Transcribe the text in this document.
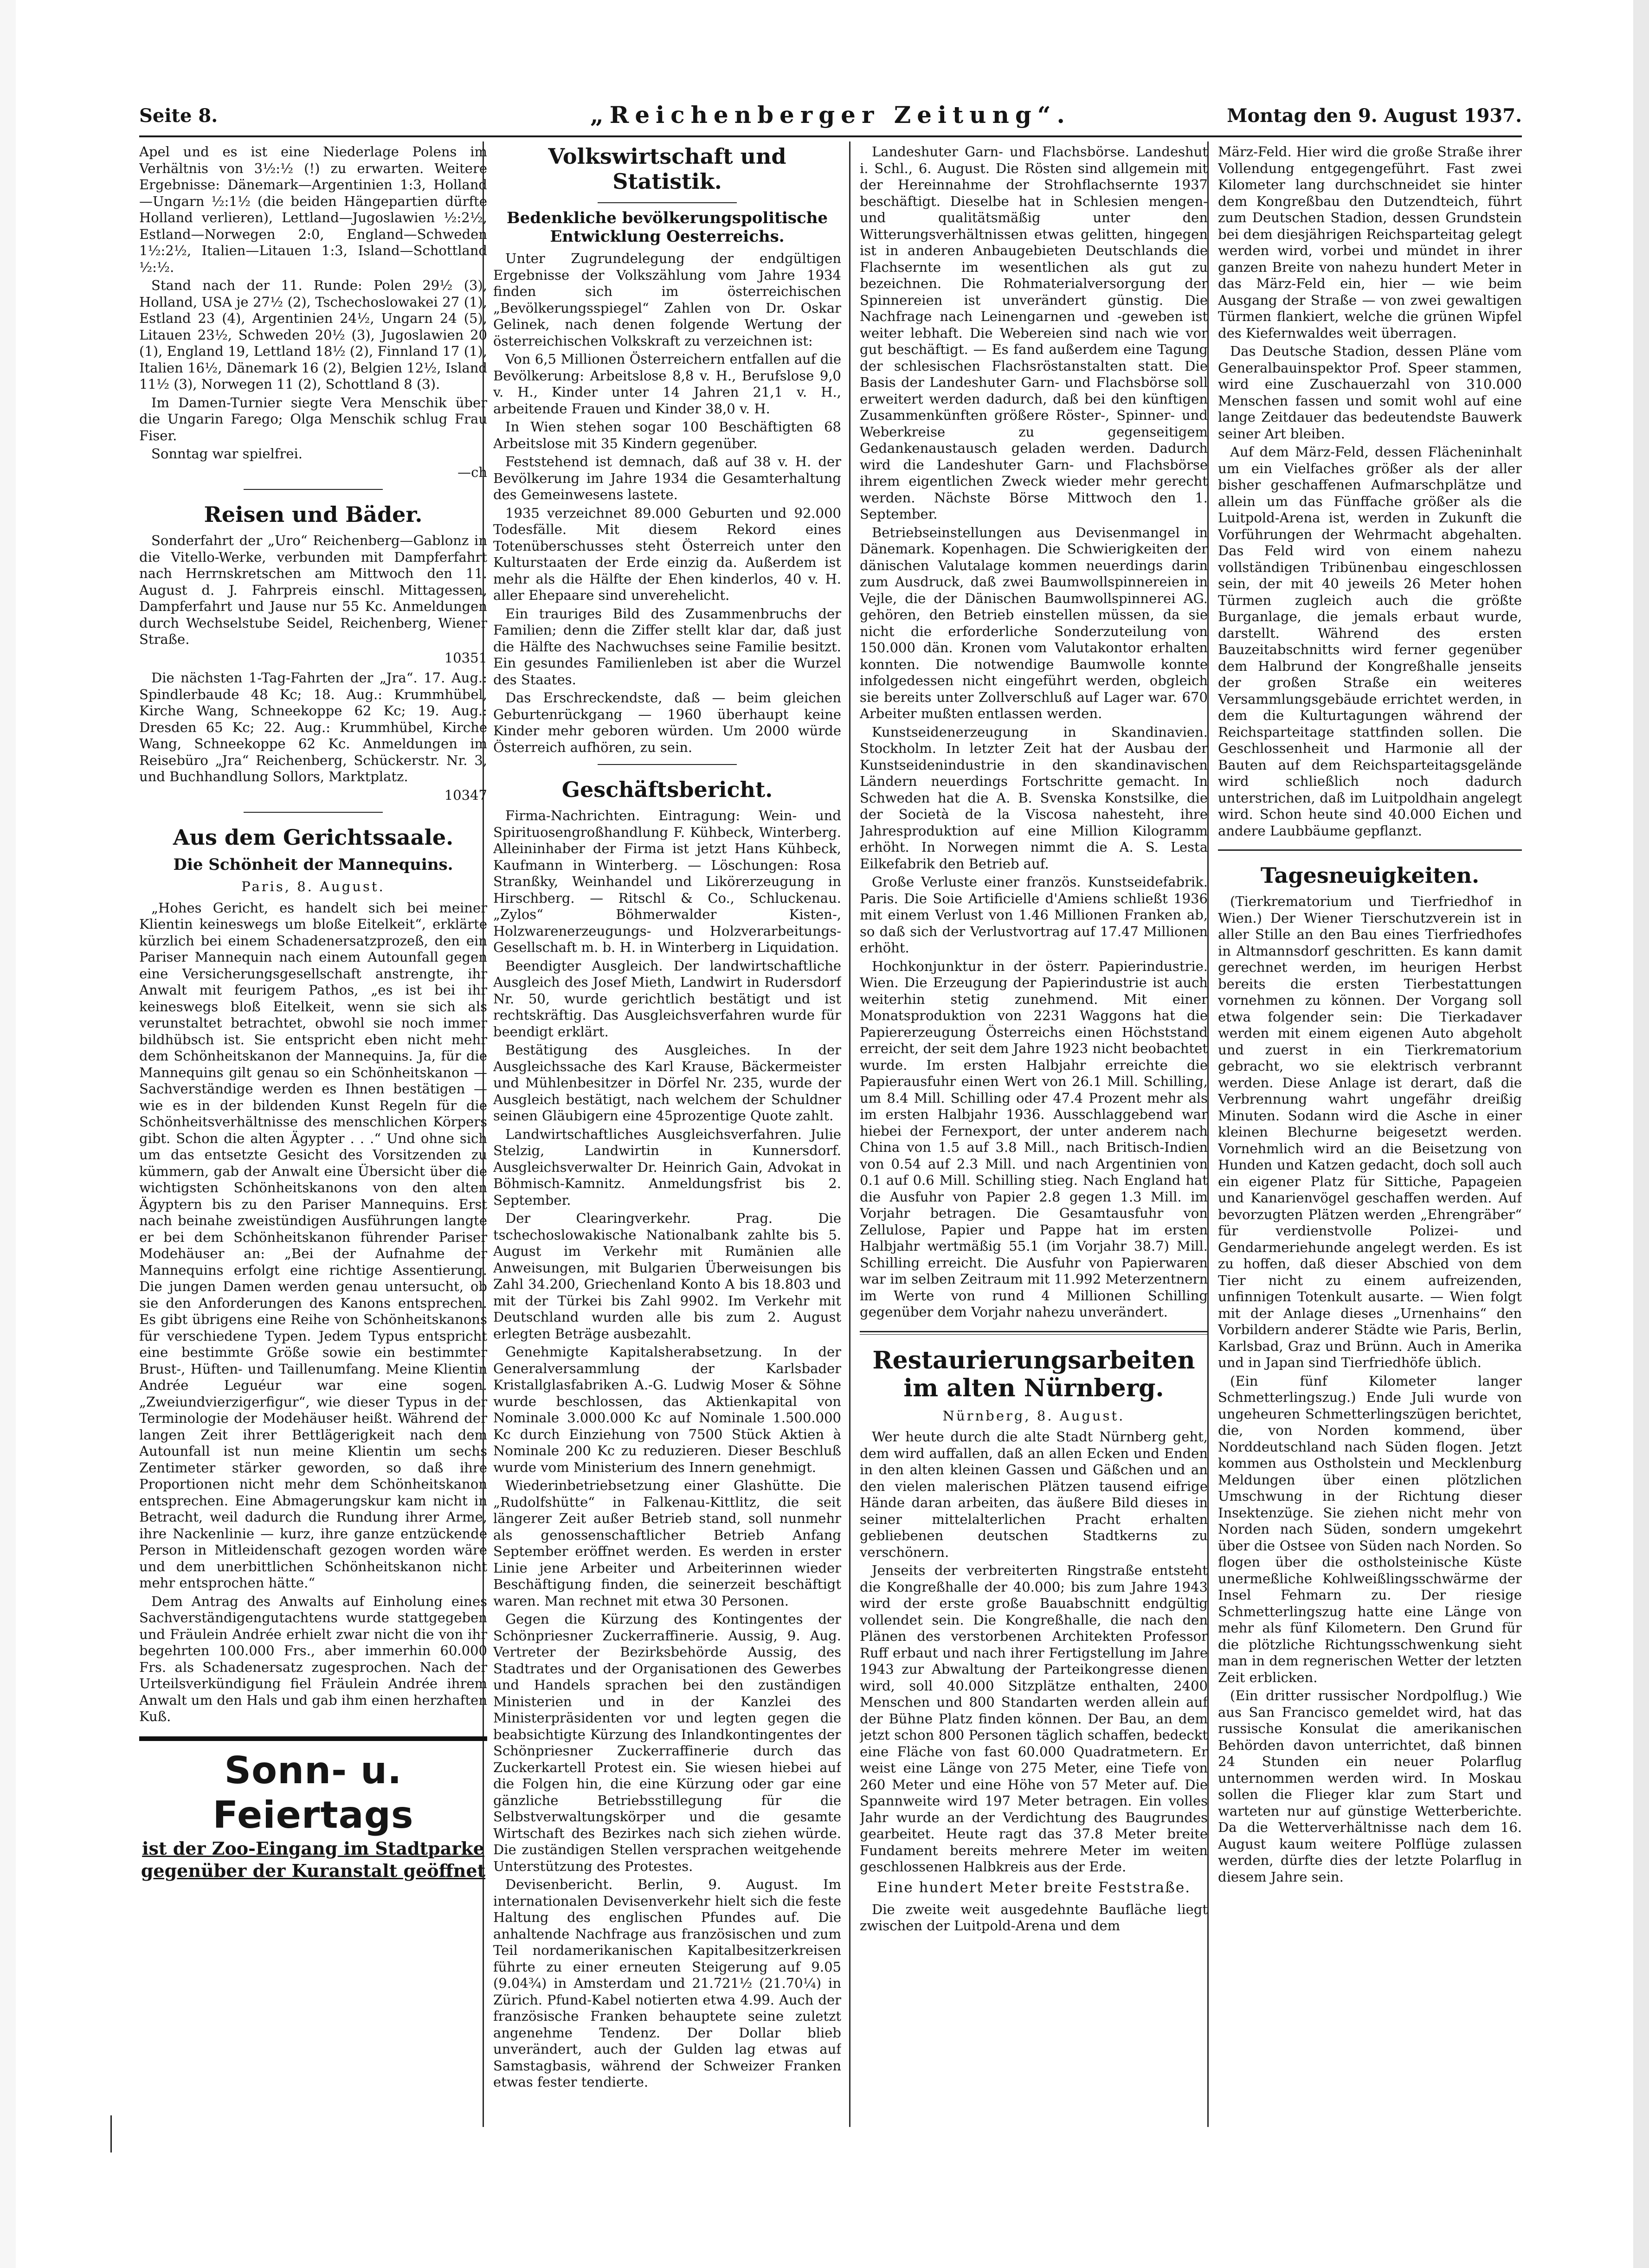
Seite 8.	„Reichenberger Zeitung“.	Montag den 9. August 1937.

Apel und es ist eine Niederlage Polens im Verhältnis von 3½:½ (!) zu erwarten. Weitere Ergebnisse: Dänemark—Argentinien 1:3, Holland—Ungarn ½:1½ (die beiden Hängepartien dürfte Holland verlieren), Lettland—Jugoslawien ½:2½, Estland—Norwegen 2:0, England—Schweden 1½:2½, Italien—Litauen 1:3, Island—Schottland ½:½.

Stand nach der 11. Runde: Polen 29½ (3), Holland, USA je 27½ (2), Tschechoslowakei 27 (1), Estland 23 (4), Argentinien 24½, Ungarn 24 (5), Litauen 23½, Schweden 20½ (3), Jugoslawien 20 (1), England 19, Lettland 18½ (2), Finnland 17 (1), Italien 16½, Dänemark 16 (2), Belgien 12½, Island 11½ (3), Norwegen 11 (2), Schottland 8 (3).

Im Damen-Turnier siegte Vera Menschik über die Ungarin Farego; Olga Menschik schlug Frau Fiser.

Sonntag war spielfrei.

—ch
Reisen und Bäder.

Sonderfahrt der „Uro“ Reichenberg—Gablonz in die Vitello-Werke, verbunden mit Dampferfahrt nach Herrnskretschen am Mittwoch den 11. August d. J. Fahrpreis einschl. Mittagessen, Dampferfahrt und Jause nur 55 Kc. Anmeldungen durch Wechselstube Seidel, Reichenberg, Wiener Straße.

10351

Die nächsten 1-Tag-Fahrten der „Jra“. 17. Aug.: Spindlerbaude 48 Kc; 18. Aug.: Krummhübel, Kirche Wang, Schneekoppe 62 Kc; 19. Aug.: Dresden 65 Kc; 22. Aug.: Krummhübel, Kirche Wang, Schneekoppe 62 Kc. Anmeldungen im Reisebüro „Jra“ Reichenberg, Schückerstr. Nr. 3, und Buchhandlung Sollors, Marktplatz.

10347
Aus dem Gerichtssaale.
Die Schönheit der Mannequins.
Paris, 8. August.

„Hohes Gericht, es handelt sich bei meiner Klientin keineswegs um bloße Eitelkeit“, erklärte kürzlich bei einem Schadenersatzprozeß, den ein Pariser Mannequin nach einem Autounfall gegen eine Versicherungsgesellschaft anstrengte, ihr Anwalt mit feurigem Pathos, „es ist bei ihr keineswegs bloß Eitelkeit, wenn sie sich als verunstaltet betrachtet, obwohl sie noch immer bildhübsch ist. Sie entspricht eben nicht mehr dem Schönheitskanon der Mannequins. Ja, für die Mannequins gilt genau so ein Schönheitskanon — Sachverständige werden es Ihnen bestätigen — wie es in der bildenden Kunst Regeln für die Schönheitsverhältnisse des menschlichen Körpers gibt. Schon die alten Ägypter . . .“ Und ohne sich um das entsetzte Gesicht des Vorsitzenden zu kümmern, gab der Anwalt eine Übersicht über die wichtigsten Schönheitskanons von den alten Ägyptern bis zu den Pariser Mannequins. Erst nach beinahe zweistündigen Ausführungen langte er bei dem Schönheitskanon führender Pariser Modehäuser an: „Bei der Aufnahme der Mannequins erfolgt eine richtige Assentierung. Die jungen Damen werden genau untersucht, ob sie den Anforderungen des Kanons entsprechen. Es gibt übrigens eine Reihe von Schönheitskanons für verschiedene Typen. Jedem Typus entspricht eine bestimmte Größe sowie ein bestimmter Brust-, Hüften- und Taillenumfang. Meine Klientin Andrée Leguéur war eine sogen. „Zweiundvierzigerfigur“, wie dieser Typus in der Terminologie der Modehäuser heißt. Während der langen Zeit ihrer Bettlägerigkeit nach dem Autounfall ist nun meine Klientin um sechs Zentimeter stärker geworden, so daß ihre Proportionen nicht mehr dem Schönheitskanon entsprechen. Eine Abmagerungskur kam nicht in Betracht, weil dadurch die Rundung ihrer Arme, ihre Nackenlinie — kurz, ihre ganze entzückende Person in Mitleidenschaft gezogen worden wäre und dem unerbittlichen Schönheitskanon nicht mehr entsprochen hätte.“

Dem Antrag des Anwalts auf Einholung eines Sachverständigengutachtens wurde stattgegeben und Fräulein Andrée erhielt zwar nicht die von ihr begehrten 100.000 Frs., aber immerhin 60.000 Frs. als Schadenersatz zugesprochen. Nach der Urteilsverkündigung fiel Fräulein Andrée ihrem Anwalt um den Hals und gab ihm einen herzhaften Kuß.

Sonn- u. Feiertags
ist der Zoo-Eingang im Stadtparke
gegenüber der Kuranstalt geöffnet
Volkswirtschaft und Statistik.
Bedenkliche bevölkerungspolitische Entwicklung Oesterreichs.

Unter Zugrundelegung der endgültigen Ergebnisse der Volkszählung vom Jahre 1934 finden sich im österreichischen „Bevölkerungsspiegel“ Zahlen von Dr. Oskar Gelinek, nach denen folgende Wertung der österreichischen Volkskraft zu verzeichnen ist:

Von 6,5 Millionen Österreichern entfallen auf die Bevölkerung: Arbeitslose 8,8 v. H., Berufslose 9,0 v. H., Kinder unter 14 Jahren 21,1 v. H., arbeitende Frauen und Kinder 38,0 v. H.

In Wien stehen sogar 100 Beschäftigten 68 Arbeitslose mit 35 Kindern gegenüber.

Feststehend ist demnach, daß auf 38 v. H. der Bevölkerung im Jahre 1934 die Gesamterhaltung des Gemeinwesens lastete.

1935 verzeichnet 89.000 Geburten und 92.000 Todesfälle. Mit diesem Rekord eines Totenüberschusses steht Österreich unter den Kulturstaaten der Erde einzig da. Außerdem ist mehr als die Hälfte der Ehen kinderlos, 40 v. H. aller Ehepaare sind unverehelicht.

Ein trauriges Bild des Zusammenbruchs der Familien; denn die Ziffer stellt klar dar, daß just die Hälfte des Nachwuchses seine Familie besitzt. Ein gesundes Familienleben ist aber die Wurzel des Staates.

Das Erschreckendste, daß — beim gleichen Geburtenrückgang — 1960 überhaupt keine Kinder mehr geboren würden. Um 2000 würde Österreich aufhören, zu sein.

Geschäftsbericht.

Firma-Nachrichten. Eintragung: Wein- und Spirituosengroßhandlung F. Kühbeck, Winterberg. Alleininhaber der Firma ist jetzt Hans Kühbeck, Kaufmann in Winterberg. — Löschungen: Rosa Stranßky, Weinhandel und Likörerzeugung in Hirschberg. — Ritschl & Co., Schluckenau. „Zylos“ Böhmerwalder Kisten-, Holzwarenerzeugungs- und Holzverarbeitungs-Gesellschaft m. b. H. in Winterberg in Liquidation.

Beendigter Ausgleich. Der landwirtschaftliche Ausgleich des Josef Mieth, Landwirt in Rudersdorf Nr. 50, wurde gerichtlich bestätigt und ist rechtskräftig. Das Ausgleichsverfahren wurde für beendigt erklärt.

Bestätigung des Ausgleiches. In der Ausgleichssache des Karl Krause, Bäckermeister und Mühlenbesitzer in Dörfel Nr. 235, wurde der Ausgleich bestätigt, nach welchem der Schuldner seinen Gläubigern eine 45prozentige Quote zahlt.

Landwirtschaftliches Ausgleichsverfahren. Julie Stelzig, Landwirtin in Kunnersdorf. Ausgleichsverwalter Dr. Heinrich Gain, Advokat in Böhmisch-Kamnitz. Anmeldungsfrist bis 2. September.

Der Clearingverkehr. Prag. Die tschechoslowakische Nationalbank zahlte bis 5. August im Verkehr mit Rumänien alle Anweisungen, mit Bulgarien Überweisungen bis Zahl 34.200, Griechenland Konto A bis 18.803 und mit der Türkei bis Zahl 9902. Im Verkehr mit Deutschland wurden alle bis zum 2. August erlegten Beträge ausbezahlt.

Genehmigte Kapitalsherabsetzung. In der Generalversammlung der Karlsbader Kristallglasfabriken A.-G. Ludwig Moser & Söhne wurde beschlossen, das Aktienkapital von Nominale 3.000.000 Kc auf Nominale 1.500.000 Kc durch Einziehung von 7500 Stück Aktien à Nominale 200 Kc zu reduzieren. Dieser Beschluß wurde vom Ministerium des Innern genehmigt.

Wiederinbetriebsetzung einer Glashütte. Die „Rudolfshütte“ in Falkenau-Kittlitz, die seit längerer Zeit außer Betrieb stand, soll nunmehr als genossenschaftlicher Betrieb Anfang September eröffnet werden. Es werden in erster Linie jene Arbeiter und Arbeiterinnen wieder Beschäftigung finden, die seinerzeit beschäftigt waren. Man rechnet mit etwa 30 Personen.

Gegen die Kürzung des Kontingentes der Schönpriesner Zuckerraffinerie. Aussig, 9. Aug. Vertreter der Bezirksbehörde Aussig, des Stadtrates und der Organisationen des Gewerbes und Handels sprachen bei den zuständigen Ministerien und in der Kanzlei des Ministerpräsidenten vor und legten gegen die beabsichtigte Kürzung des Inlandkontingentes der Schönpriesner Zuckerraffinerie durch das Zuckerkartell Protest ein. Sie wiesen hiebei auf die Folgen hin, die eine Kürzung oder gar eine gänzliche Betriebsstillegung für die Selbstverwaltungskörper und die gesamte Wirtschaft des Bezirkes nach sich ziehen würde. Die zuständigen Stellen versprachen weitgehende Unterstützung des Protestes.

Devisenbericht. Berlin, 9. August. Im internationalen Devisenverkehr hielt sich die feste Haltung des englischen Pfundes auf. Die anhaltende Nachfrage aus französischen und zum Teil nordamerikanischen Kapitalbesitzerkreisen führte zu einer erneuten Steigerung auf 9.05 (9.04¾) in Amsterdam und 21.721½ (21.70¼) in Zürich. Pfund-Kabel notierten etwa 4.99. Auch der französische Franken behauptete seine zuletzt angenehme Tendenz. Der Dollar blieb unverändert, auch der Gulden lag etwas auf Samstagbasis, während der Schweizer Franken etwas fester tendierte.

Landeshuter Garn- und Flachsbörse. Landeshut i. Schl., 6. August. Die Rösten sind allgemein mit der Hereinnahme der Strohflachsernte 1937 beschäftigt. Dieselbe hat in Schlesien mengen- und qualitätsmäßig unter den Witterungsverhältnissen etwas gelitten, hingegen ist in anderen Anbaugebieten Deutschlands die Flachsernte im wesentlichen als gut zu bezeichnen. Die Rohmaterialversorgung der Spinnereien ist unverändert günstig. Die Nachfrage nach Leinengarnen und -geweben ist weiter lebhaft. Die Webereien sind nach wie vor gut beschäftigt. — Es fand außerdem eine Tagung der schlesischen Flachsröstanstalten statt. Die Basis der Landeshuter Garn- und Flachsbörse soll erweitert werden dadurch, daß bei den künftigen Zusammenkünften größere Röster-, Spinner- und Weberkreise zu gegenseitigem Gedankenaustausch geladen werden. Dadurch wird die Landeshuter Garn- und Flachsbörse ihrem eigentlichen Zweck wieder mehr gerecht werden. Nächste Börse Mittwoch den 1. September.

Betriebseinstellungen aus Devisenmangel in Dänemark. Kopenhagen. Die Schwierigkeiten der dänischen Valutalage kommen neuerdings darin zum Ausdruck, daß zwei Baumwollspinnereien in Vejle, die der Dänischen Baumwollspinnerei AG. gehören, den Betrieb einstellen müssen, da sie nicht die erforderliche Sonderzuteilung von 150.000 dän. Kronen vom Valutakontor erhalten konnten. Die notwendige Baumwolle konnte infolgedessen nicht eingeführt werden, obgleich sie bereits unter Zollverschluß auf Lager war. 670 Arbeiter mußten entlassen werden.

Kunstseidenerzeugung in Skandinavien. Stockholm. In letzter Zeit hat der Ausbau der Kunstseidenindustrie in den skandinavischen Ländern neuerdings Fortschritte gemacht. In Schweden hat die A. B. Svenska Konstsilke, die der Società de la Viscosa nahesteht, ihre Jahresproduktion auf eine Million Kilogramm erhöht. In Norwegen nimmt die A. S. Lesta Eilkefabrik den Betrieb auf.

Große Verluste einer französ. Kunstseidefabrik. Paris. Die Soie Artificielle d'Amiens schließt 1936 mit einem Verlust von 1.46 Millionen Franken ab, so daß sich der Verlustvortrag auf 17.47 Millionen erhöht.

Hochkonjunktur in der österr. Papierindustrie. Wien. Die Erzeugung der Papierindustrie ist auch weiterhin stetig zunehmend. Mit einer Monatsproduktion von 2231 Waggons hat die Papiererzeugung Österreichs einen Höchststand erreicht, der seit dem Jahre 1923 nicht beobachtet wurde. Im ersten Halbjahr erreichte die Papierausfuhr einen Wert von 26.1 Mill. Schilling, um 8.4 Mill. Schilling oder 47.4 Prozent mehr als im ersten Halbjahr 1936. Ausschlaggebend war hiebei der Fernexport, der unter anderem nach China von 1.5 auf 3.8 Mill., nach Britisch-Indien von 0.54 auf 2.3 Mill. und nach Argentinien von 0.1 auf 0.6 Mill. Schilling stieg. Nach England hat die Ausfuhr von Papier 2.8 gegen 1.3 Mill. im Vorjahr betragen. Die Gesamtausfuhr von Zellulose, Papier und Pappe hat im ersten Halbjahr wertmäßig 55.1 (im Vorjahr 38.7) Mill. Schilling erreicht. Die Ausfuhr von Papierwaren war im selben Zeitraum mit 11.992 Meterzentnern im Werte von rund 4 Millionen Schilling gegenüber dem Vorjahr nahezu unverändert.

Restaurierungsarbeiten im alten Nürnberg.
Nürnberg, 8. August.

Wer heute durch die alte Stadt Nürnberg geht, dem wird auffallen, daß an allen Ecken und Enden in den alten kleinen Gassen und Gäßchen und an den vielen malerischen Plätzen tausend eifrige Hände daran arbeiten, das äußere Bild dieses in seiner mittelalterlichen Pracht erhalten gebliebenen deutschen Stadtkerns zu verschönern.

Jenseits der verbreiterten Ringstraße entsteht die Kongreßhalle der 40.000; bis zum Jahre 1943 wird der erste große Bauabschnitt endgültig vollendet sein. Die Kongreßhalle, die nach den Plänen des verstorbenen Architekten Professor Ruff erbaut und nach ihrer Fertigstellung im Jahre 1943 zur Abwaltung der Parteikongresse dienen wird, soll 40.000 Sitzplätze enthalten, 2400 Menschen und 800 Standarten werden allein auf der Bühne Platz finden können. Der Bau, an dem jetzt schon 800 Personen täglich schaffen, bedeckt eine Fläche von fast 60.000 Quadratmetern. Er weist eine Länge von 275 Meter, eine Tiefe von 260 Meter und eine Höhe von 57 Meter auf. Die Spannweite wird 197 Meter betragen. Ein volles Jahr wurde an der Verdichtung des Baugrundes gearbeitet. Heute ragt das 37.8 Meter breite Fundament bereits mehrere Meter im weiten geschlossenen Halbkreis aus der Erde.

Eine hundert Meter breite Feststraße.

Die zweite weit ausgedehnte Baufläche liegt zwischen der Luitpold-Arena und dem

März-Feld. Hier wird die große Straße ihrer Vollendung entgegengeführt. Fast zwei Kilometer lang durchschneidet sie hinter dem Kongreßbau den Dutzendteich, führt zum Deutschen Stadion, dessen Grundstein bei dem diesjährigen Reichsparteitag gelegt werden wird, vorbei und mündet in ihrer ganzen Breite von nahezu hundert Meter in das März-Feld ein, hier — wie beim Ausgang der Straße — von zwei gewaltigen Türmen flankiert, welche die grünen Wipfel des Kiefernwaldes weit überragen.

Das Deutsche Stadion, dessen Pläne vom Generalbauinspektor Prof. Speer stammen, wird eine Zuschauerzahl von 310.000 Menschen fassen und somit wohl auf eine lange Zeitdauer das bedeutendste Bauwerk seiner Art bleiben.

Auf dem März-Feld, dessen Flächeninhalt um ein Vielfaches größer als der aller bisher geschaffenen Aufmarschplätze und allein um das Fünffache größer als die Luitpold-Arena ist, werden in Zukunft die Vorführungen der Wehrmacht abgehalten. Das Feld wird von einem nahezu vollständigen Tribünenbau eingeschlossen sein, der mit 40 jeweils 26 Meter hohen Türmen zugleich auch die größte Burganlage, die jemals erbaut wurde, darstellt. Während des ersten Bauzeitabschnitts wird ferner gegenüber dem Halbrund der Kongreßhalle jenseits der großen Straße ein weiteres Versammlungsgebäude errichtet werden, in dem die Kulturtagungen während der Reichsparteitage stattfinden sollen. Die Geschlossenheit und Harmonie all der Bauten auf dem Reichsparteitagsgelände wird schließlich noch dadurch unterstrichen, daß im Luitpoldhain angelegt wird. Schon heute sind 40.000 Eichen und andere Laubbäume gepflanzt.

Tagesneuigkeiten.

(Tierkrematorium und Tierfriedhof in Wien.) Der Wiener Tierschutzverein ist in aller Stille an den Bau eines Tierfriedhofes in Altmannsdorf geschritten. Es kann damit gerechnet werden, im heurigen Herbst bereits die ersten Tierbestattungen vornehmen zu können. Der Vorgang soll etwa folgender sein: Die Tierkadaver werden mit einem eigenen Auto abgeholt und zuerst in ein Tierkrematorium gebracht, wo sie elektrisch verbrannt werden. Diese Anlage ist derart, daß die Verbrennung wahrt ungefähr dreißig Minuten. Sodann wird die Asche in einer kleinen Blechurne beigesetzt werden. Vornehmlich wird an die Beisetzung von Hunden und Katzen gedacht, doch soll auch ein eigener Platz für Sittiche, Papageien und Kanarienvögel geschaffen werden. Auf bevorzugten Plätzen werden „Ehrengräber“ für verdienstvolle Polizei- und Gendarmeriehunde angelegt werden. Es ist zu hoffen, daß dieser Abschied von dem Tier nicht zu einem aufreizenden, unfinnigen Totenkult ausarte. — Wien folgt mit der Anlage dieses „Urnenhains“ den Vorbildern anderer Städte wie Paris, Berlin, Karlsbad, Graz und Brünn. Auch in Amerika und in Japan sind Tierfriedhöfe üblich.

(Ein fünf Kilometer langer Schmetterlingszug.) Ende Juli wurde von ungeheuren Schmetterlingszügen berichtet, die, von Norden kommend, über Norddeutschland nach Süden flogen. Jetzt kommen aus Ostholstein und Mecklenburg Meldungen über einen plötzlichen Umschwung in der Richtung dieser Insektenzüge. Sie ziehen nicht mehr von Norden nach Süden, sondern umgekehrt über die Ostsee von Süden nach Norden. So flogen über die ostholsteinische Küste unermeßliche Kohlweißlingsschwärme der Insel Fehmarn zu. Der riesige Schmetterlingszug hatte eine Länge von mehr als fünf Kilometern. Den Grund für die plötzliche Richtungsschwenkung sieht man in dem regnerischen Wetter der letzten Zeit erblicken.

(Ein dritter russischer Nordpolflug.) Wie aus San Francisco gemeldet wird, hat das russische Konsulat die amerikanischen Behörden davon unterrichtet, daß binnen 24 Stunden ein neuer Polarflug unternommen werden wird. In Moskau sollen die Flieger klar zum Start und warteten nur auf günstige Wetterberichte. Da die Wetterverhältnisse nach dem 16. August kaum weitere Polflüge zulassen werden, dürfte dies der letzte Polarflug in diesem Jahre sein.
